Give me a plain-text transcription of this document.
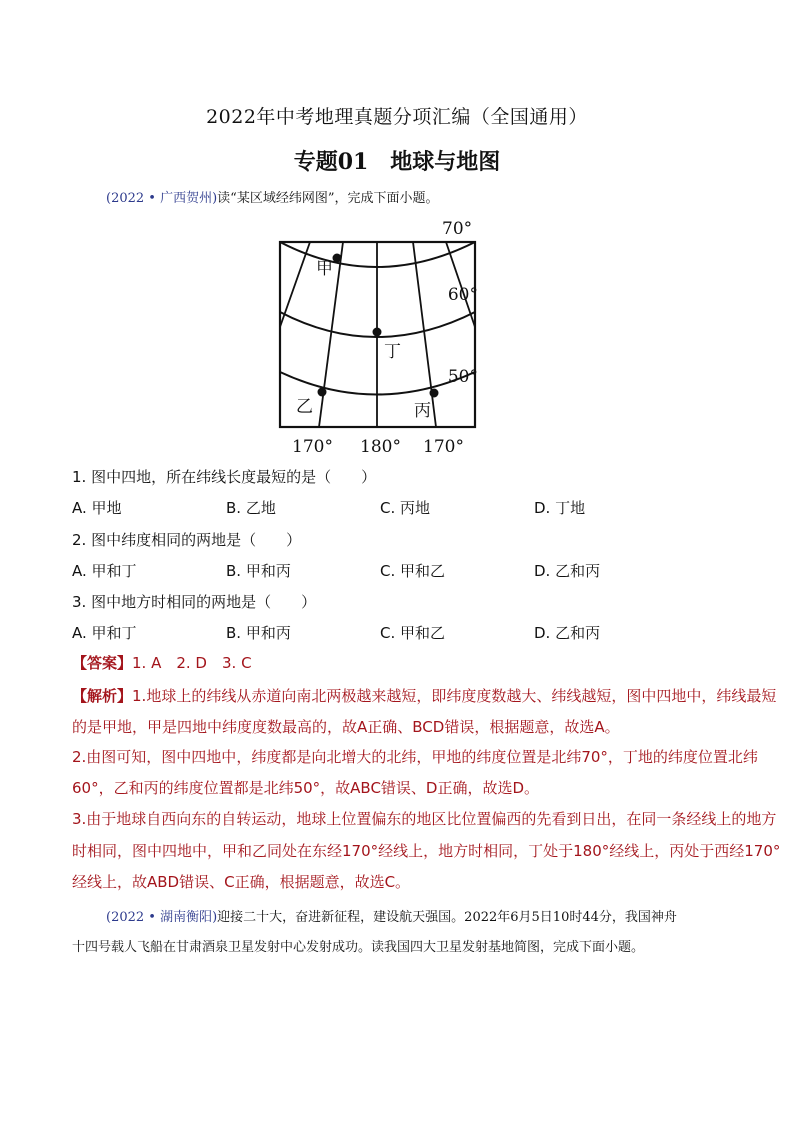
2022年中考地理真题分项汇编（全国通用）
专题01　地球与地图
(2022 • 广西贺州)读“某区域经纬网图”，完成下面小题。
甲
乙	丙
丁
70°
60°
50°
170° 180° 170°
1. 图中四地，所在纬线长度最短的是（　　）
A. 甲地	B. 乙地	C. 丙地	D. 丁地
2. 图中纬度相同的两地是（　　）
A. 甲和丁	B. 甲和丙	C. 甲和乙	D. 乙和丙
3. 图中地方时相同的两地是（　　）
A. 甲和丁	B. 甲和丙	C. 甲和乙	D. 乙和丙
【答案】1. A　2. D　3. C
【解析】1.地球上的纬线从赤道向南北两极越来越短，即纬度度数越大、纬线越短，图中四地中，纬线最短
的是甲地，甲是四地中纬度度数最高的，故A正确、BCD错误，根据题意，故选A。
2.由图可知，图中四地中，纬度都是向北增大的北纬，甲地的纬度位置是北纬70°，丁地的纬度位置北纬
60°，乙和丙的纬度位置都是北纬50°，故ABC错误、D正确，故选D。
3.由于地球自西向东的自转运动，地球上位置偏东的地区比位置偏西的先看到日出，在同一条经线上的地方
时相同，图中四地中，甲和乙同处在东经170°经线上，地方时相同，丁处于180°经线上，丙处于西经170°
经线上，故ABD错误、C正确，根据题意，故选C。
(2022 • 湖南衡阳)迎接二十大，奋进新征程，建设航天强国。2022年6月5日10时44分，我国神舟
十四号载人飞船在甘肃酒泉卫星发射中心发射成功。读我国四大卫星发射基地简图，完成下面小题。
